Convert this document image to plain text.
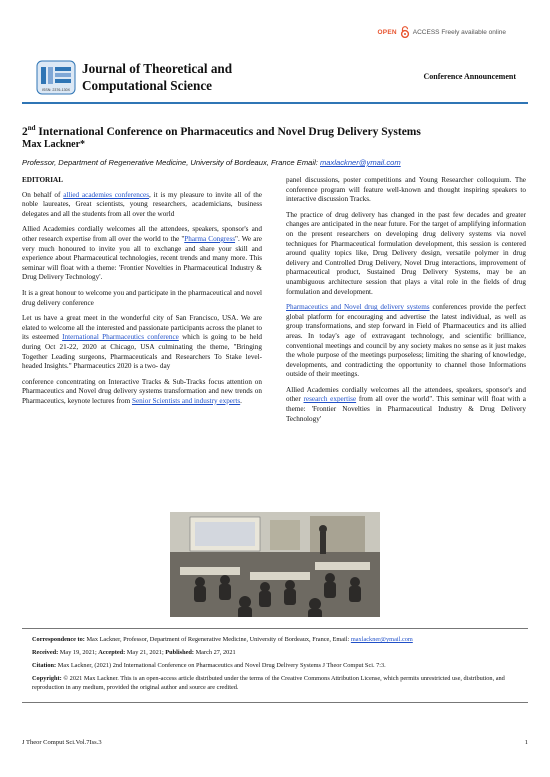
OPEN ACCESS Freely available online
ISSN: 2376-130X
Journal of Theoretical and
Computational Science
Conference Announcement
2nd International Conference on Pharmaceutics and Novel Drug Delivery Systems
Max Lackner*
Professor, Department of Regenerative Medicine, University of Bordeaux, France Email: maxlackner@ymail.com

EDITORIAL

On behalf of allied academies conferences, it is my pleasure to invite all of the noble laureates, Great scientists, young researchers, academicians, business delegates and all the students from all over the world

Allied Academies cordially welcomes all the attendees, speakers, sponsor's and other research expertise from all over the world to the "Pharma Congress". We are very much honoured to invite you all to exchange and share your skill and experience about Pharmaceutical technologies, recent trends and many more. This seminar will float with a theme: 'Frontier Novelties in Pharmaceutical Industry & Drug Delivery Technology'.

It is a great honour to welcome you and participate in the pharmaceutical and novel drug delivery conference

Let us have a great meet in the wonderful city of San Francisco, USA. We are elated to welcome all the interested and passionate participants across the planet to its esteemed International Pharmaceutics conference which is going to be held during Oct 21-22, 2020 at Chicago, USA culminating the theme, "Bringing Together Leading surgeons, Pharmaceuticals and Researchers To Stake level-headed Insights." Pharmaceutics 2020 is a two- day

conference concentrating on Interactive Tracks & Sub-Tracks focus attention on Pharmaceutics and Novel drug delivery systems transformation and new trends on Pharmaceutics, keynote lectures from Senior Scientists and industry experts.

panel discussions, poster competitions and Young Researcher colloquium. The conference program will feature well-known and thought inspiring speakers to interactive discussion Tracks.

The practice of drug delivery has changed in the past few decades and greater changes are anticipated in the near future. For the target of amplifying information on the present researchers on developing drug delivery systems via novel techniques for Pharmaceutical formulation development, this session is centered around quality topics like, Drug Delivery design, versatile polymer in drug delivery and Controlled Drug Delivery, Novel Drug interactions, improvement of pharmaceutical product, Sustained Drug Delivery Systems, may be an unambiguous architecture session that plays a vital role in the fields of drug formulation and development.

Pharmaceutics and Novel drug delivery systems conferences provide the perfect global platform for encouraging and advertise the latest individual, as well as group transformations, and step forward in Field of Pharmaceutics and its allied areas. In today's age of extravagant technology, and scientific brilliance, conventional meetings and council by any society makes no sense as it just makes the whole purpose of the meetings purposeless; limiting the sharing of knowledge, developments, and contradicting the opportunity to channel those Informations outside of their meetings.

Allied Academies cordially welcomes all the attendees, speakers, sponsor's and other research expertise from all over the world". This seminar will float with a theme: 'Frontier Novelties in Pharmaceutical Industry & Drug Delivery Technology'

Correspondence to: Max Lackner, Professor, Department of Regenerative Medicine, University of Bordeaux, France, Email: maxlackner@ymail.com

Received: May 19, 2021; Accepted: May 21, 2021; Published: March 27, 2021

Citation: Max Lackner, (2021) 2nd International Conference on Pharmaceutics and Novel Drug Delivery Systems J Theor Comput Sci. 7:3.

Copyright: © 2021 Max Lackner. This is an open-access article distributed under the terms of the Creative Commons Attribution License, which permits unrestricted use, distribution, and reproduction in any medium, provided the original author and source are credited.

J Theor Comput Sci.Vol.7Iss.3	1
